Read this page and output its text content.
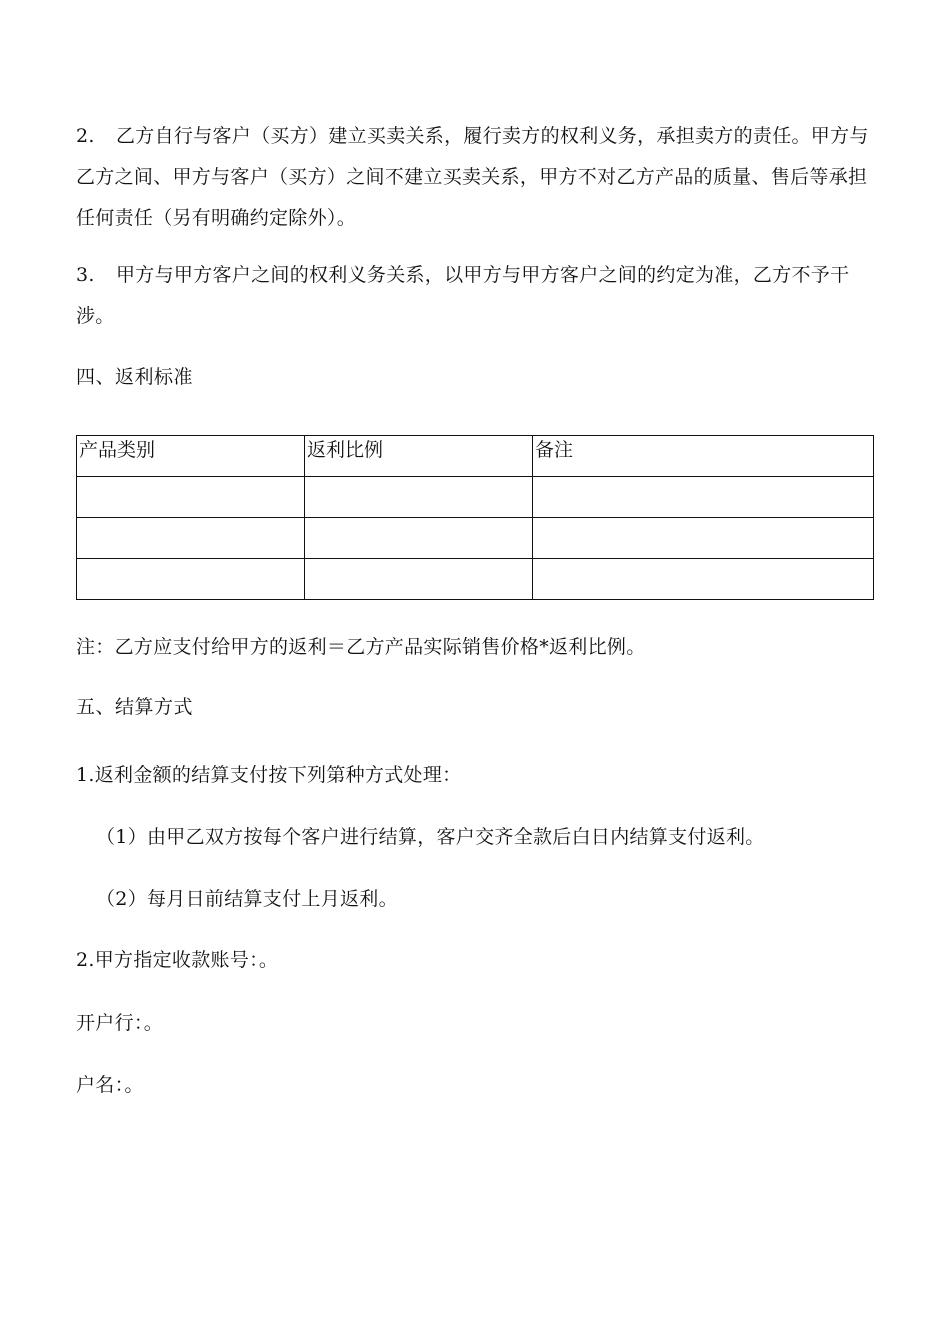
2. 乙方自行与客户（买方）建立买卖关系，履行卖方的权利义务，承担卖方的责任。甲方与乙方之间、甲方与客户（买方）之间不建立买卖关系，甲方不对乙方产品的质量、售后等承担任何责任（另有明确约定除外）。

3. 甲方与甲方客户之间的权利义务关系，以甲方与甲方客户之间的约定为准，乙方不予干涉。

四、返利标准
产品类别	返利比例	备注

注：乙方应支付给甲方的返利＝乙方产品实际销售价格*返利比例。

五、结算方式

1.返利金额的结算支付按下列第种方式处理：

（1）由甲乙双方按每个客户进行结算，客户交齐全款后白日内结算支付返利。

（2）每月日前结算支付上月返利。

2.甲方指定收款账号：。

开户行：。

户名：。
